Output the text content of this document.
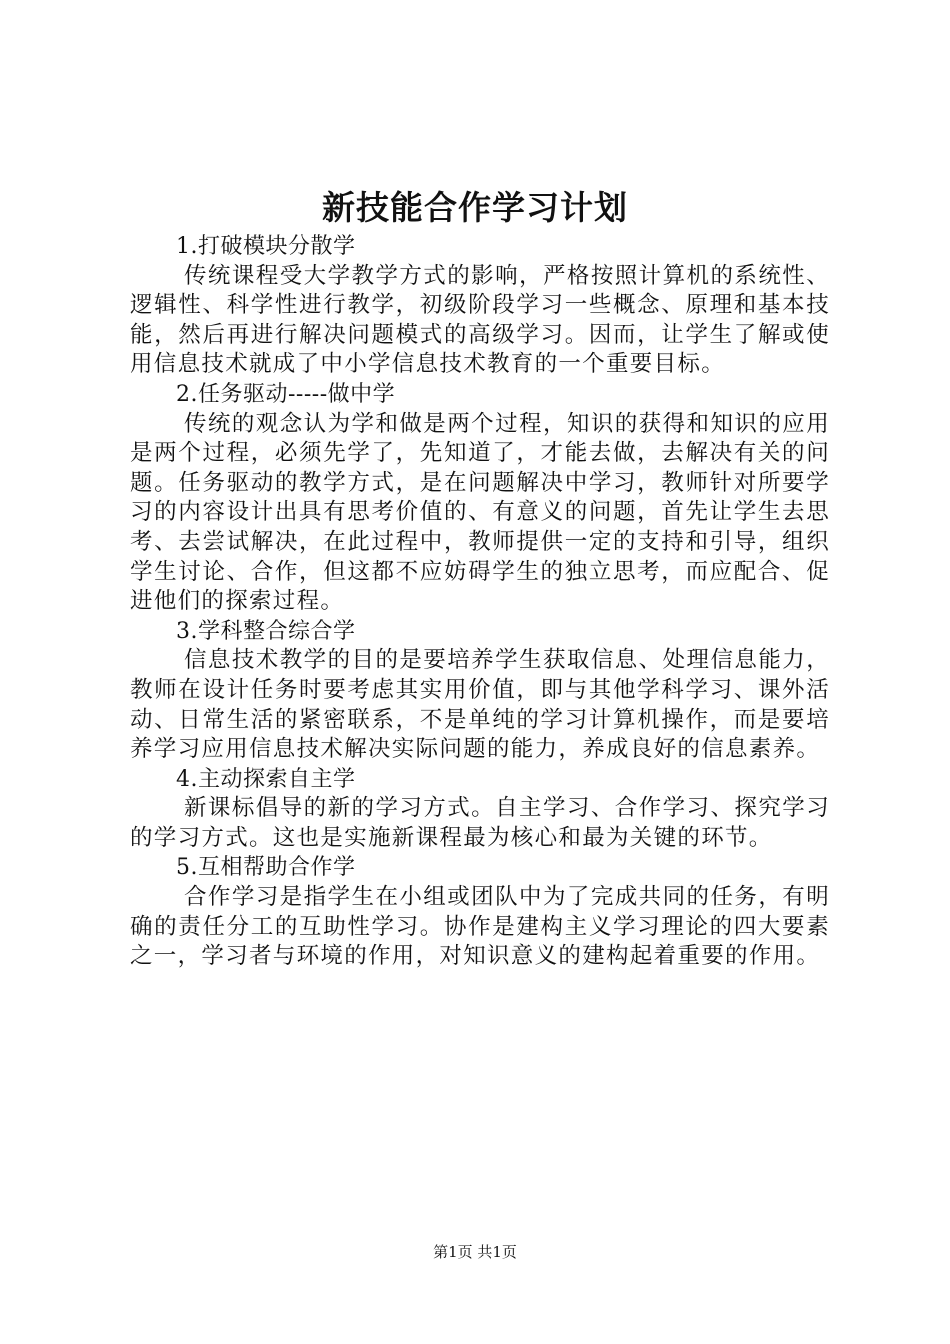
新技能合作学习计划

1.打破模块分散学

传统课程受大学教学方式的影响，严格按照计算机的系统性、逻辑性、科学性进行教学，初级阶段学习一些概念、原理和基本技能，然后再进行解决问题模式的高级学习。因而，让学生了解或使用信息技术就成了中小学信息技术教育的一个重要目标。

2.任务驱动-----做中学

传统的观念认为学和做是两个过程，知识的获得和知识的应用是两个过程，必须先学了，先知道了，才能去做，去解决有关的问题。任务驱动的教学方式，是在问题解决中学习，教师针对所要学习的内容设计出具有思考价值的、有意义的问题，首先让学生去思考、去尝试解决，在此过程中，教师提供一定的支持和引导，组织学生讨论、合作，但这都不应妨碍学生的独立思考，而应配合、促进他们的探索过程。

3.学科整合综合学

信息技术教学的目的是要培养学生获取信息、处理信息能力，教师在设计任务时要考虑其实用价值，即与其他学科学习、课外活动、日常生活的紧密联系，不是单纯的学习计算机操作，而是要培养学习应用信息技术解决实际问题的能力，养成良好的信息素养。

4.主动探索自主学

新课标倡导的新的学习方式。自主学习、合作学习、探究学习的学习方式。这也是实施新课程最为核心和最为关键的环节。

5.互相帮助合作学

合作学习是指学生在小组或团队中为了完成共同的任务，有明确的责任分工的互助性学习。协作是建构主义学习理论的四大要素之一，学习者与环境的作用，对知识意义的建构起着重要的作用。

第1页 共1页
